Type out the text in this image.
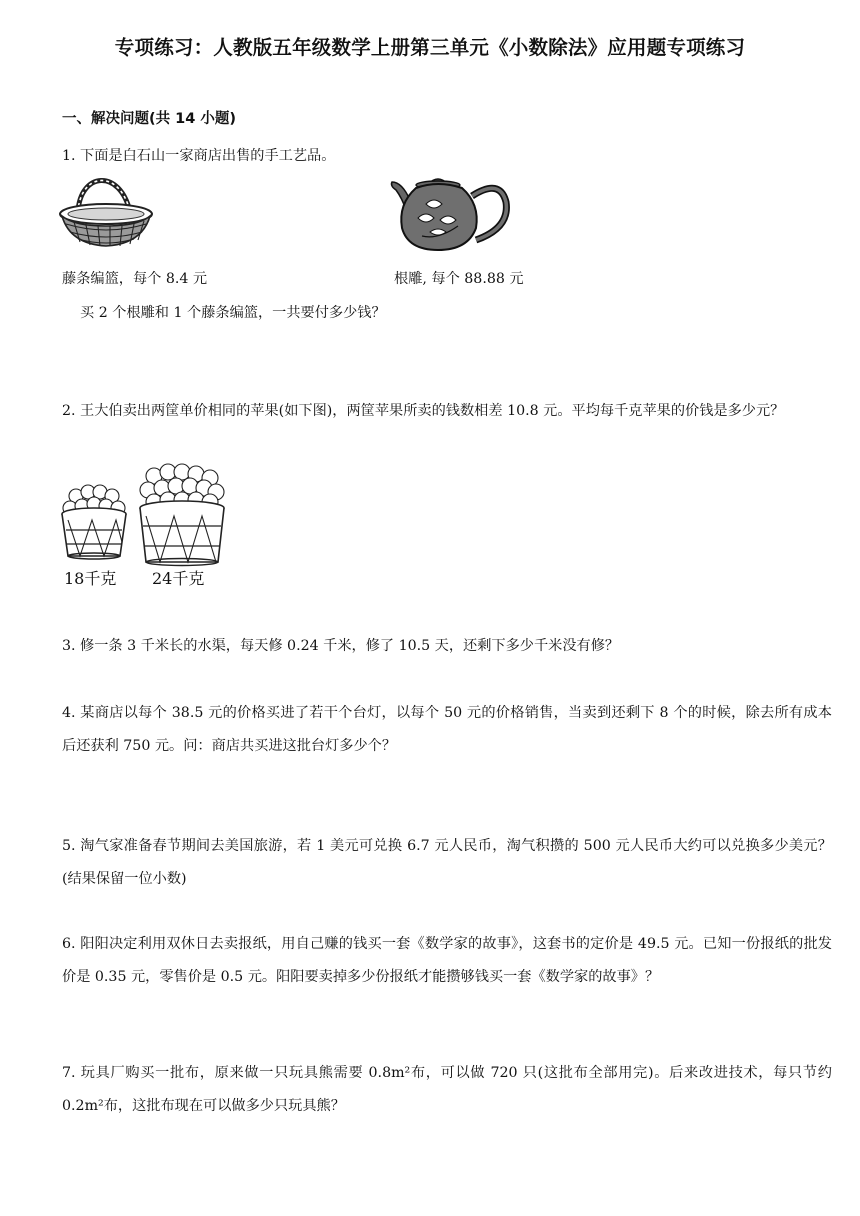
专项练习：人教版五年级数学上册第三单元《小数除法》应用题专项练习
一、解决问题(共 14 小题)
1. 下面是白石山一家商店出售的手工艺品。
藤条编篮，每个 8.4 元	根雕, 每个 88.88 元
买 2 个根雕和 1 个藤条编篮，一共要付多少钱？
2. 王大伯卖出两筐单价相同的苹果(如下图)，两筐苹果所卖的钱数相差 10.8 元。平均每千克苹果的价钱是多少元？
18千克 24千克
3. 修一条 3 千米长的水渠，每天修 0.24 千米，修了 10.5 天，还剩下多少千米没有修？
4. 某商店以每个 38.5 元的价格买进了若干个台灯，以每个 50 元的价格销售，当卖到还剩下 8 个的时候，除去所有成本后还获利 750 元。问：商店共买进这批台灯多少个？
5. 淘气家准备春节期间去美国旅游，若 1 美元可兑换 6.7 元人民币，淘气积攒的 500 元人民币大约可以兑换多少美元？(结果保留一位小数)
6. 阳阳决定利用双休日去卖报纸，用自己赚的钱买一套《数学家的故事》，这套书的定价是 49.5 元。已知一份报纸的批发价是 0.35 元，零售价是 0.5 元。阳阳要卖掉多少份报纸才能攒够钱买一套《数学家的故事》？
7. 玩具厂购买一批布，原来做一只玩具熊需要 0.8m²布，可以做 720 只(这批布全部用完)。后来改进技术，每只节约 0.2m²布，这批布现在可以做多少只玩具熊？
